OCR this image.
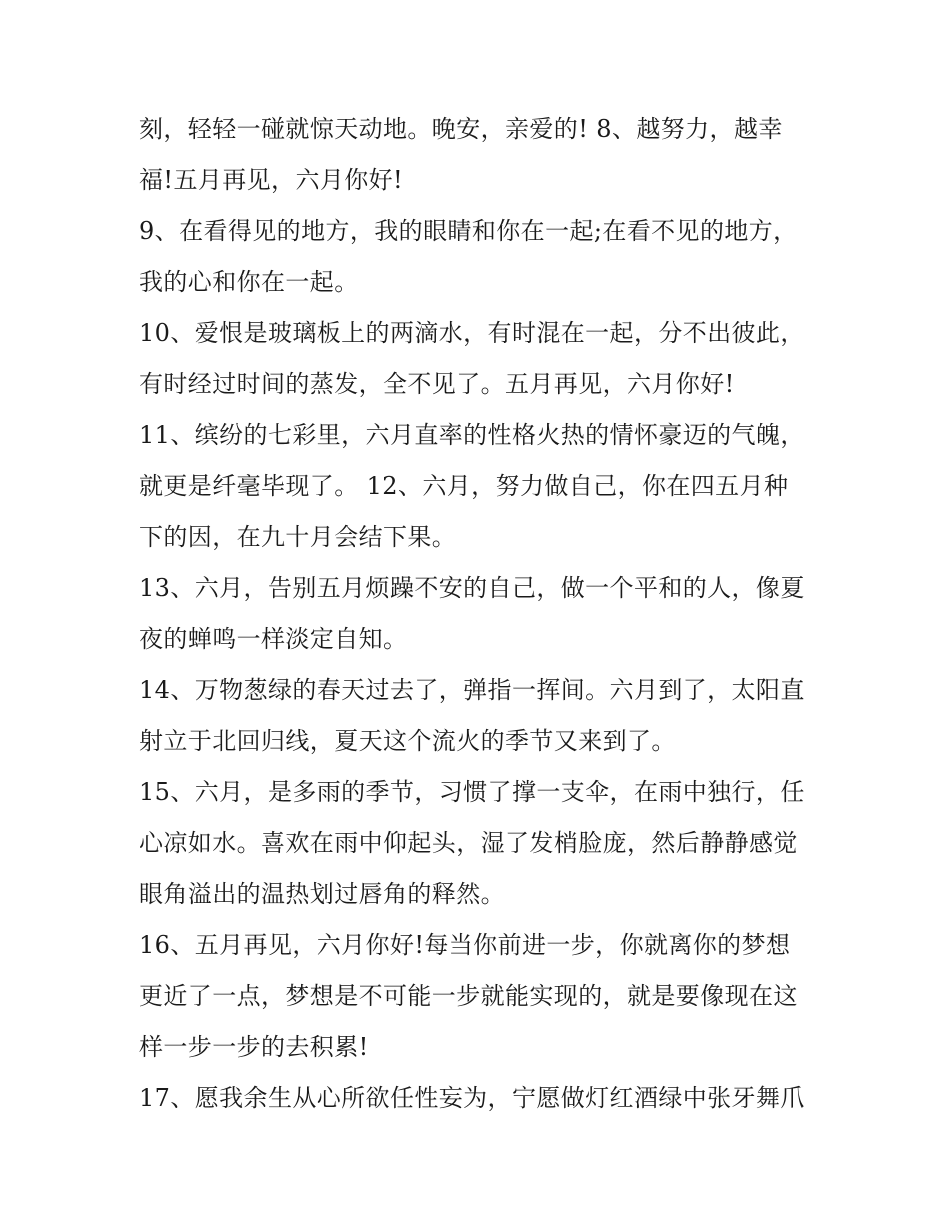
刻，轻轻一碰就惊天动地。晚安，亲爱的! 8、越努力，越幸
福!五月再见，六月你好!
9、在看得见的地方，我的眼睛和你在一起;在看不见的地方，
我的心和你在一起。
10、爱恨是玻璃板上的两滴水，有时混在一起，分不出彼此，
有时经过时间的蒸发，全不见了。五月再见，六月你好!
11、缤纷的七彩里，六月直率的性格火热的情怀豪迈的气魄，
就更是纤毫毕现了。 12、六月，努力做自己，你在四五月种
下的因，在九十月会结下果。
13、六月，告别五月烦躁不安的自己，做一个平和的人，像夏
夜的蝉鸣一样淡定自知。
14、万物葱绿的春天过去了，弹指一挥间。六月到了，太阳直
射立于北回归线，夏天这个流火的季节又来到了。
15、六月，是多雨的季节，习惯了撑一支伞，在雨中独行，任
心凉如水。喜欢在雨中仰起头，湿了发梢脸庞，然后静静感觉
眼角溢出的温热划过唇角的释然。
16、五月再见，六月你好!每当你前进一步，你就离你的梦想
更近了一点，梦想是不可能一步就能实现的，就是要像现在这
样一步一步的去积累!
17、愿我余生从心所欲任性妄为，宁愿做灯红酒绿中张牙舞爪
